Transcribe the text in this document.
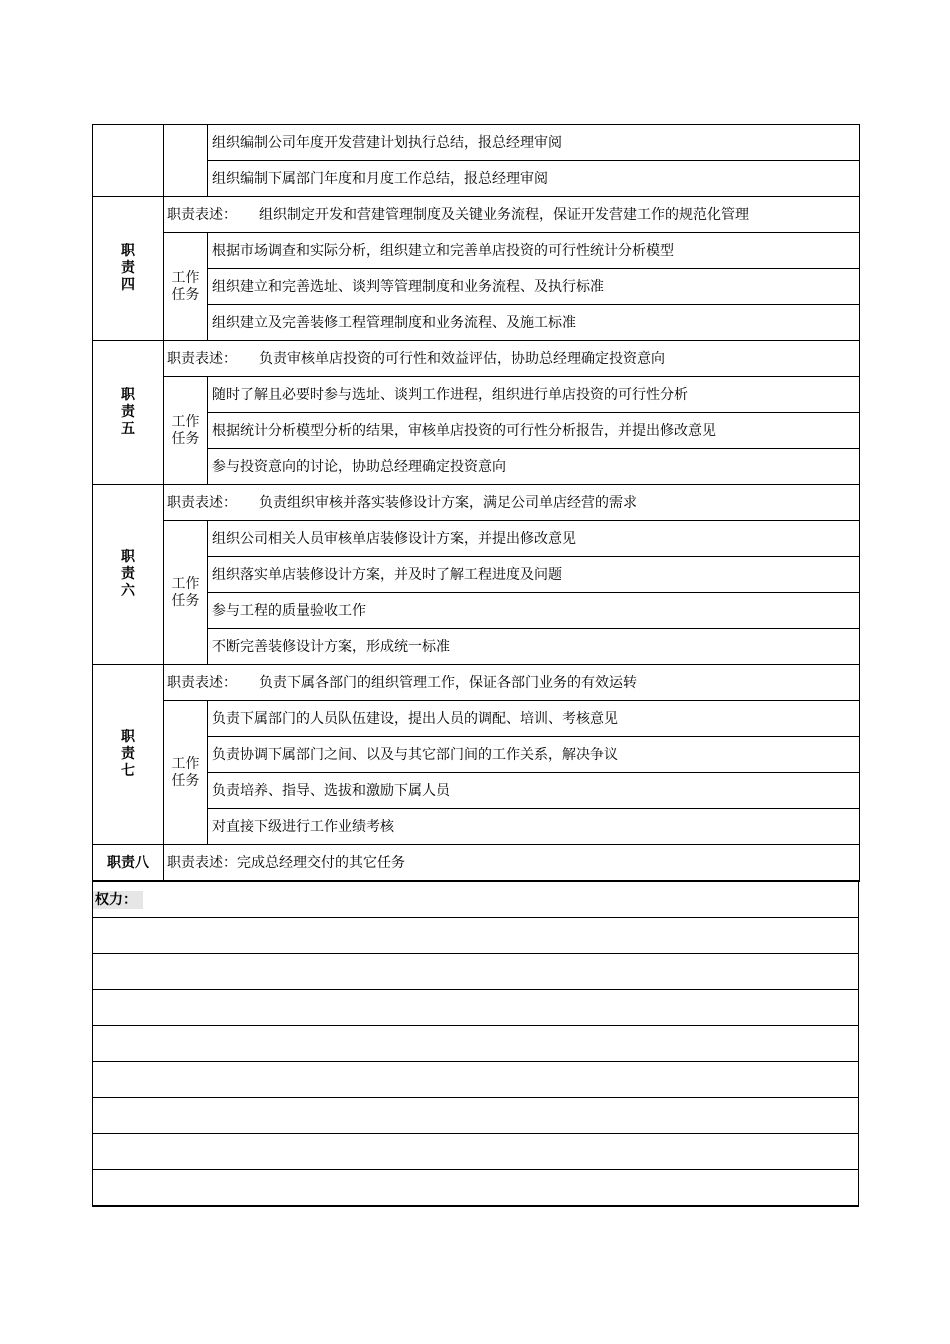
		组织编制公司年度开发营建计划执行总结，报总经理审阅
		组织编制下属部门年度和月度工作总结，报总经理审阅
职责四	职责表述： 组织制定开发和营建管理制度及关键业务流程，保证开发营建工作的规范化管理	
	工作任务	根据市场调查和实际分析，组织建立和完善单店投资的可行性统计分析模型
		组织建立和完善选址、谈判等管理制度和业务流程、及执行标准
		组织建立及完善装修工程管理制度和业务流程、及施工标准
职责五	职责表述： 负责审核单店投资的可行性和效益评估，协助总经理确定投资意向	
	工作任务	随时了解且必要时参与选址、谈判工作进程，组织进行单店投资的可行性分析
		根据统计分析模型分析的结果，审核单店投资的可行性分析报告，并提出修改意见
		参与投资意向的讨论，协助总经理确定投资意向
职责六	职责表述： 负责组织审核并落实装修设计方案，满足公司单店经营的需求	
	工作任务	组织公司相关人员审核单店装修设计方案，并提出修改意见
		组织落实单店装修设计方案，并及时了解工程进度及问题
		参与工程的质量验收工作
		不断完善装修设计方案，形成统一标准
职责七	职责表述： 负责下属各部门的组织管理工作，保证各部门业务的有效运转	
	工作任务	负责下属部门的人员队伍建设，提出人员的调配、培训、考核意见
		负责协调下属部门之间、以及与其它部门间的工作关系，解决争议
		负责培养、指导、选拔和激励下属人员
		对直接下级进行工作业绩考核
职责八	职责表述：完成总经理交付的其它任务	
权力：
